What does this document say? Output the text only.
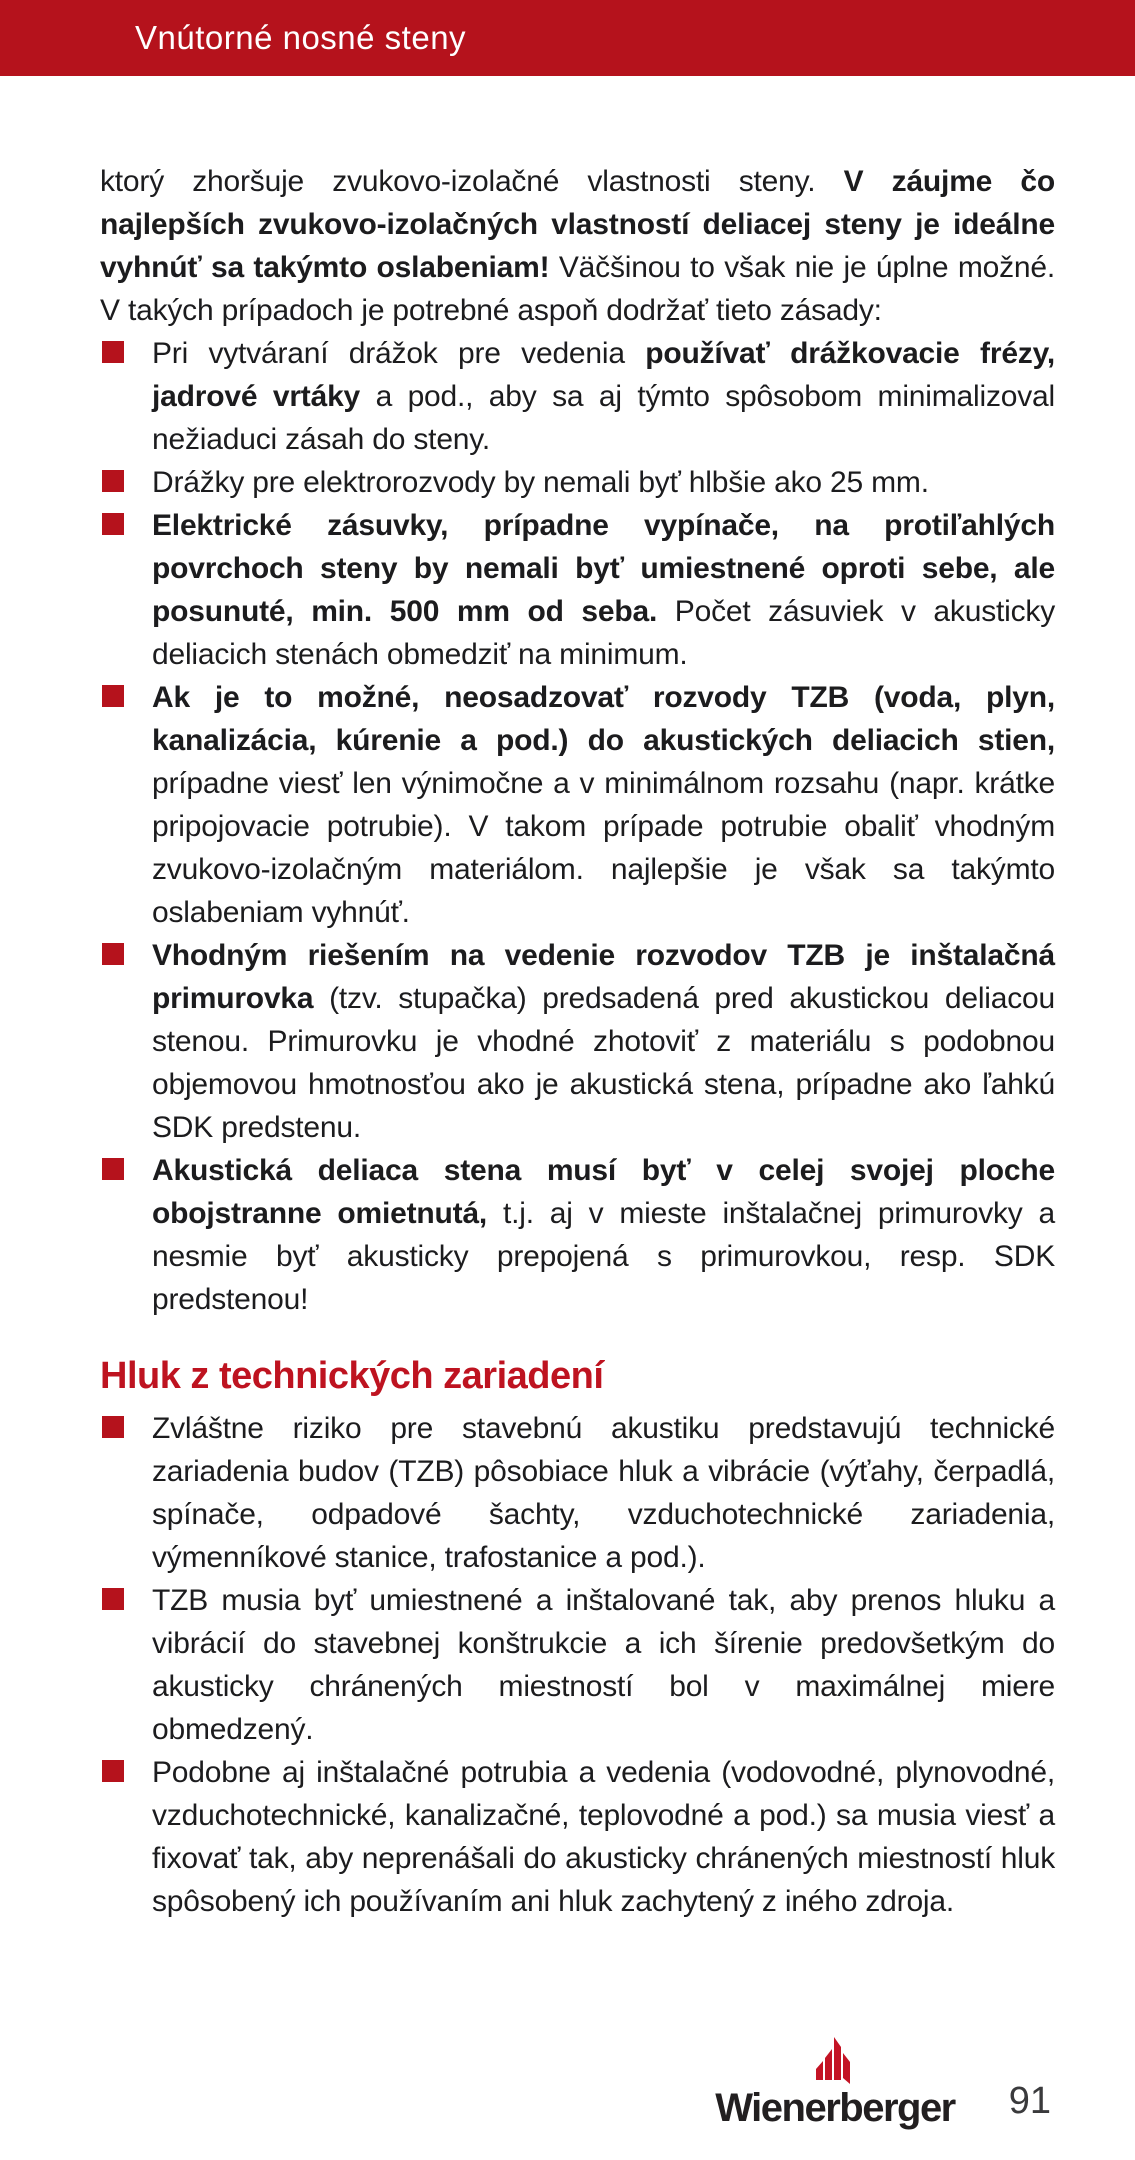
Vnútorné nosné steny

ktorý zhoršuje zvukovo-izolačné vlastnosti steny. V záujme čo najlepších zvukovo-izolačných vlastností deliacej steny je ideálne vyhnúť sa takýmto oslabeniam! Väčšinou to však nie je úplne možné. V takých prípadoch je potrebné aspoň dodržať tieto zásady:

Pri vytváraní drážok pre vedenia používať drážkovacie frézy, jadrové vrtáky a pod., aby sa aj týmto spôsobom minimalizoval nežiaduci zásah do steny.
Drážky pre elektrorozvody by nemali byť hlbšie ako 25 mm.
Elektrické zásuvky, prípadne vypínače, na protiľahlých povrchoch steny by nemali byť umiestnené oproti sebe, ale posunuté, min. 500 mm od seba. Počet zásuviek v akusticky deliacich stenách obmedziť na minimum.
Ak je to možné, neosadzovať rozvody TZB (voda, plyn, kanalizácia, kúrenie a pod.) do akustických deliacich stien, prípadne viesť len výnimočne a v minimálnom rozsahu (napr. krátke pripojovacie potrubie). V takom prípade potrubie obaliť vhodným zvukovo-izolačným materiálom. najlepšie je však sa takýmto oslabeniam vyhnúť.
Vhodným riešením na vedenie rozvodov TZB je inštalačná primurovka (tzv. stupačka) predsadená pred akustickou deliacou stenou. Primurovku je vhodné zhotoviť z materiálu s podobnou objemovou hmotnosťou ako je akustická stena, prípadne ako ľahkú SDK predstenu.
Akustická deliaca stena musí byť v celej svojej ploche obojstranne omietnutá, t.j. aj v mieste inštalačnej primurovky a nesmie byť akusticky prepojená s primurovkou, resp. SDK predstenou!
Hluk z technických zariadení
Zvláštne riziko pre stavebnú akustiku predstavujú technické zariadenia budov (TZB) pôsobiace hluk a vibrácie (výťahy, čerpadlá, spínače, odpadové šachty, vzduchotechnické zariadenia, výmenníkové stanice, trafostanice a pod.).
TZB musia byť umiestnené a inštalované tak, aby prenos hluku a vibrácií do stavebnej konštrukcie a ich šírenie predovšetkým do akusticky chránených miestností bol v maximálnej miere obmedzený.
Podobne aj inštalačné potrubia a vedenia (vodovodné, plynovodné, vzduchotechnické, kanalizačné, teplovodné a pod.) sa musia viesť a fixovať tak, aby neprenášali do akusticky chránených miestností hluk spôsobený ich používaním ani hluk zachytený z iného zdroja.
Wienerberger 91
